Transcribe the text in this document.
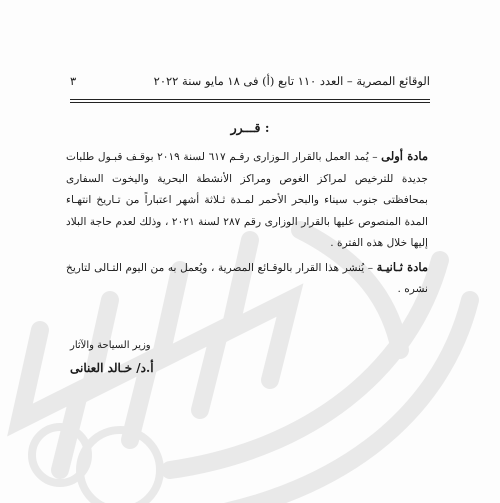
الوقائع المصرية – العدد ١١٠ تابع (أ) فى ١٨ مايو سنة ٢٠٢٢
٣
قـــرر :

مادة أولى – يُمد العمل بالقرار الـوزارى رقـم ٦١٧ لسنة ٢٠١٩ بوقـف قبـول طلبات جديدة للترخيص لمراكز الغوص ومراكز الأنشطة البحرية واليخوت السفارى بمحافظتى جنوب سيناء والبحر الأحمر لمـدة ثـلاثة أشهر اعتباراً من تـاريخ انتهـاء المدة المنصوص عليها بالقرار الوزارى رقم ٢٨٧ لسنة ٢٠٢١ ، وذلك لعدم حاجة البلاد إليها خلال هذه الفترة .

مادة ثـانيـة – يُنشر هذا القرار بالوقـائع المصرية ، ويُعمل به من اليوم التـالى لتاريخ نشره .

وزير السياحة والآثار
أ.د/ خـالد العنانى
